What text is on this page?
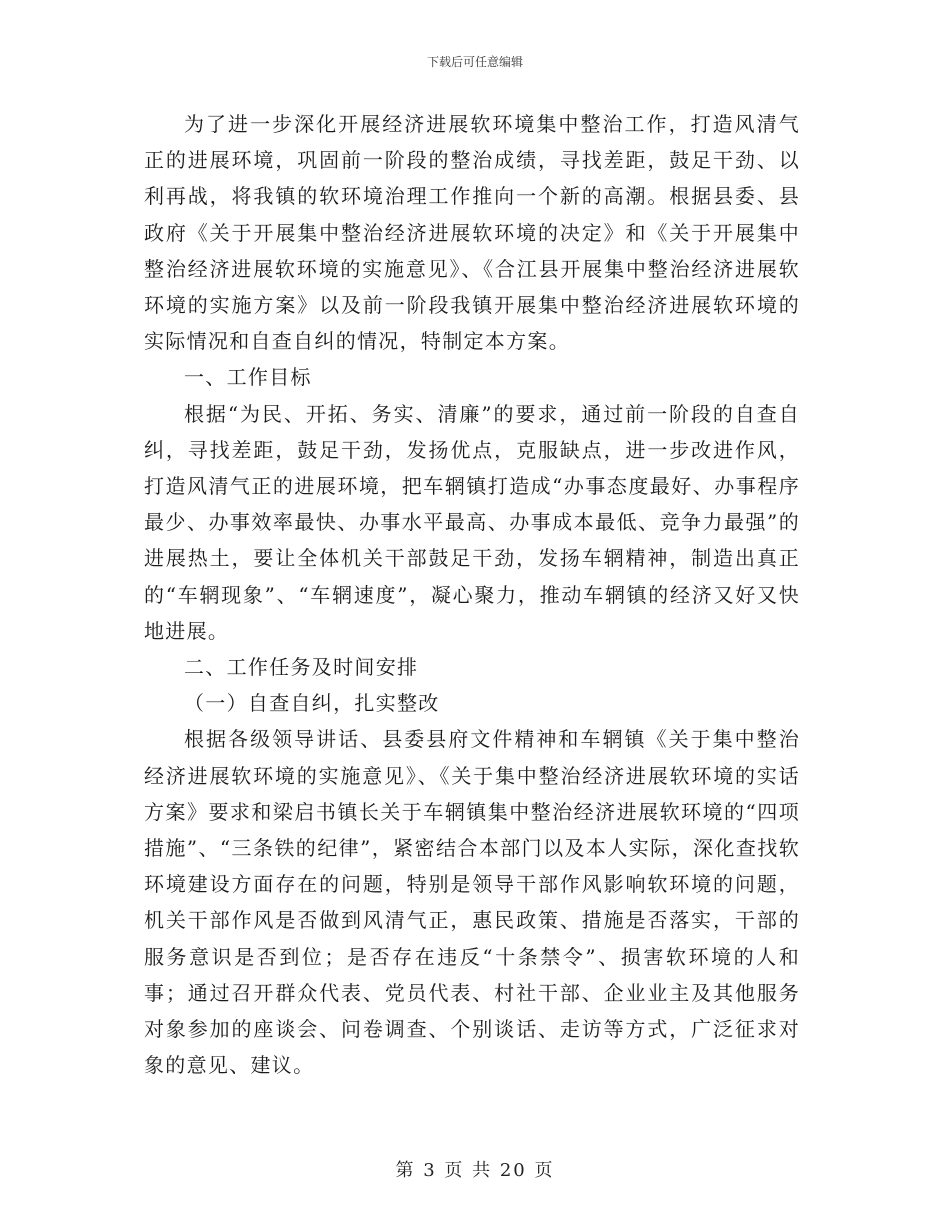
下载后可任意编辑

为了进一步深化开展经济进展软环境集中整治工作，打造风清气正的进展环境，巩固前一阶段的整治成绩，寻找差距，鼓足干劲、以利再战，将我镇的软环境治理工作推向一个新的高潮。根据县委、县政府《关于开展集中整治经济进展软环境的决定》和《关于开展集中整治经济进展软环境的实施意见》、《合江县开展集中整治经济进展软环境的实施方案》以及前一阶段我镇开展集中整治经济进展软环境的实际情况和自查自纠的情况，特制定本方案。

一、工作目标

根据“为民、开拓、务实、清廉”的要求，通过前一阶段的自查自纠，寻找差距，鼓足干劲，发扬优点，克服缺点，进一步改进作风，打造风清气正的进展环境，把车辋镇打造成“办事态度最好、办事程序最少、办事效率最快、办事水平最高、办事成本最低、竞争力最强”的进展热土，要让全体机关干部鼓足干劲，发扬车辋精神，制造出真正的“车辋现象”、“车辋速度”，凝心聚力，推动车辋镇的经济又好又快地进展。

二、工作任务及时间安排

（一）自查自纠，扎实整改

根据各级领导讲话、县委县府文件精神和车辋镇《关于集中整治经济进展软环境的实施意见》、《关于集中整治经济进展软环境的实话方案》要求和梁启书镇长关于车辋镇集中整治经济进展软环境的“四项措施”、“三条铁的纪律”，紧密结合本部门以及本人实际，深化查找软环境建设方面存在的问题，特别是领导干部作风影响软环境的问题，机关干部作风是否做到风清气正，惠民政策、措施是否落实，干部的服务意识是否到位；是否存在违反“十条禁令”、损害软环境的人和事；通过召开群众代表、党员代表、村社干部、企业业主及其他服务对象参加的座谈会、问卷调查、个别谈话、走访等方式，广泛征求对象的意见、建议。

第 3 页 共 20 页
